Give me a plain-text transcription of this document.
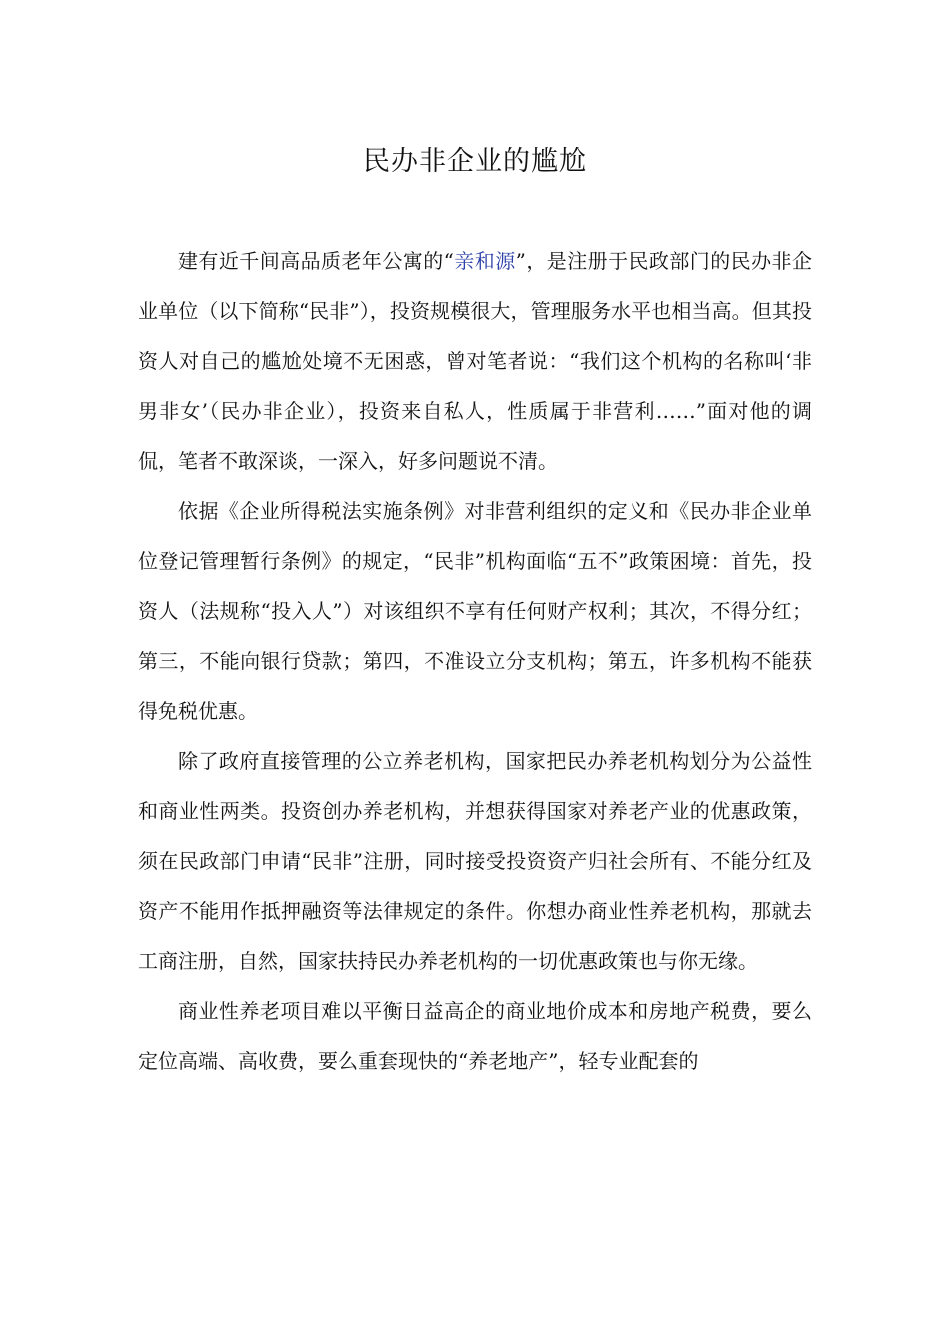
民办非企业的尴尬

建有近千间高品质老年公寓的“亲和源”，是注册于民政部门的民办非企业单位（以下简称“民非”），投资规模很大，管理服务水平也相当高。但其投资人对自己的尴尬处境不无困惑，曾对笔者说：“我们这个机构的名称叫‘非男非女’（民办非企业），投资来自私人，性质属于非营利……”面对他的调侃，笔者不敢深谈，一深入，好多问题说不清。

依据《企业所得税法实施条例》对非营利组织的定义和《民办非企业单位登记管理暂行条例》的规定，“民非”机构面临“五不”政策困境：首先，投资人（法规称“投入人”）对该组织不享有任何财产权利；其次，不得分红；第三，不能向银行贷款；第四，不准设立分支机构；第五，许多机构不能获得免税优惠。

除了政府直接管理的公立养老机构，国家把民办养老机构划分为公益性和商业性两类。投资创办养老机构，并想获得国家对养老产业的优惠政策，须在民政部门申请“民非”注册，同时接受投资资产归社会所有、不能分红及资产不能用作抵押融资等法律规定的条件。你想办商业性养老机构，那就去工商注册，自然，国家扶持民办养老机构的一切优惠政策也与你无缘。

商业性养老项目难以平衡日益高企的商业地价成本和房地产税费，要么定位高端、高收费，要么重套现快的“养老地产”，轻专业配套的
